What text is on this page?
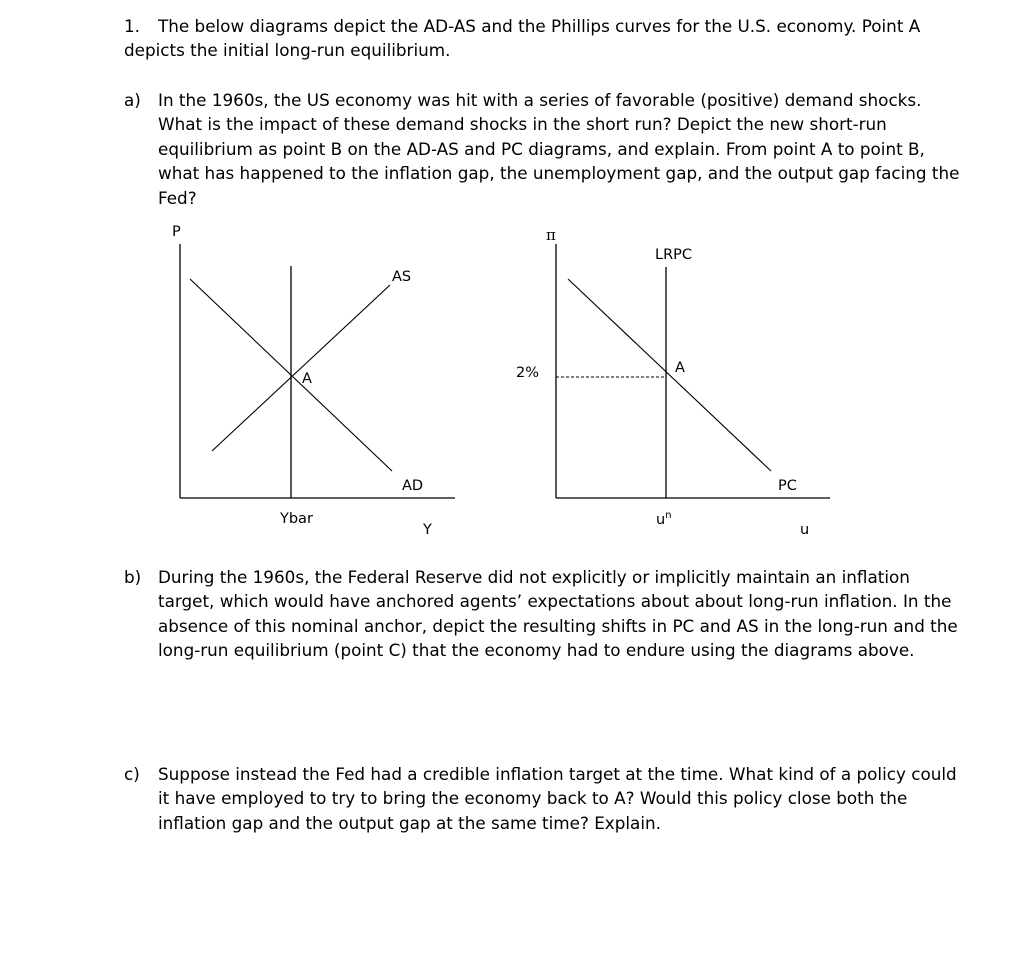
1. The below diagrams depict the AD-AS and the Phillips curves for the U.S. economy. Point A depicts the initial long-run equilibrium.

a) In the 1960s, the US economy was hit with a series of favorable (positive) demand shocks. What is the impact of these demand shocks in the short run? Depict the new short-run equilibrium as point B on the AD-AS and PC diagrams, and explain. From point A to point B, what has happened to the inflation gap, the unemployment gap, and the output gap facing the Fed?
P
AS
A
AD
Ybar
Y
π
LRPC
2%	A
PC
$u^n$
u
b) During the 1960s, the Federal Reserve did not explicitly or implicitly maintain an inflation target, which would have anchored agents’ expectations about about long-run inflation. In the absence of this nominal anchor, depict the resulting shifts in PC and AS in the long-run and the long-run equilibrium (point C) that the economy had to endure using the diagrams above.
c) Suppose instead the Fed had a credible inflation target at the time. What kind of a policy could it have employed to try to bring the economy back to A? Would this policy close both the inflation gap and the output gap at the same time? Explain.
